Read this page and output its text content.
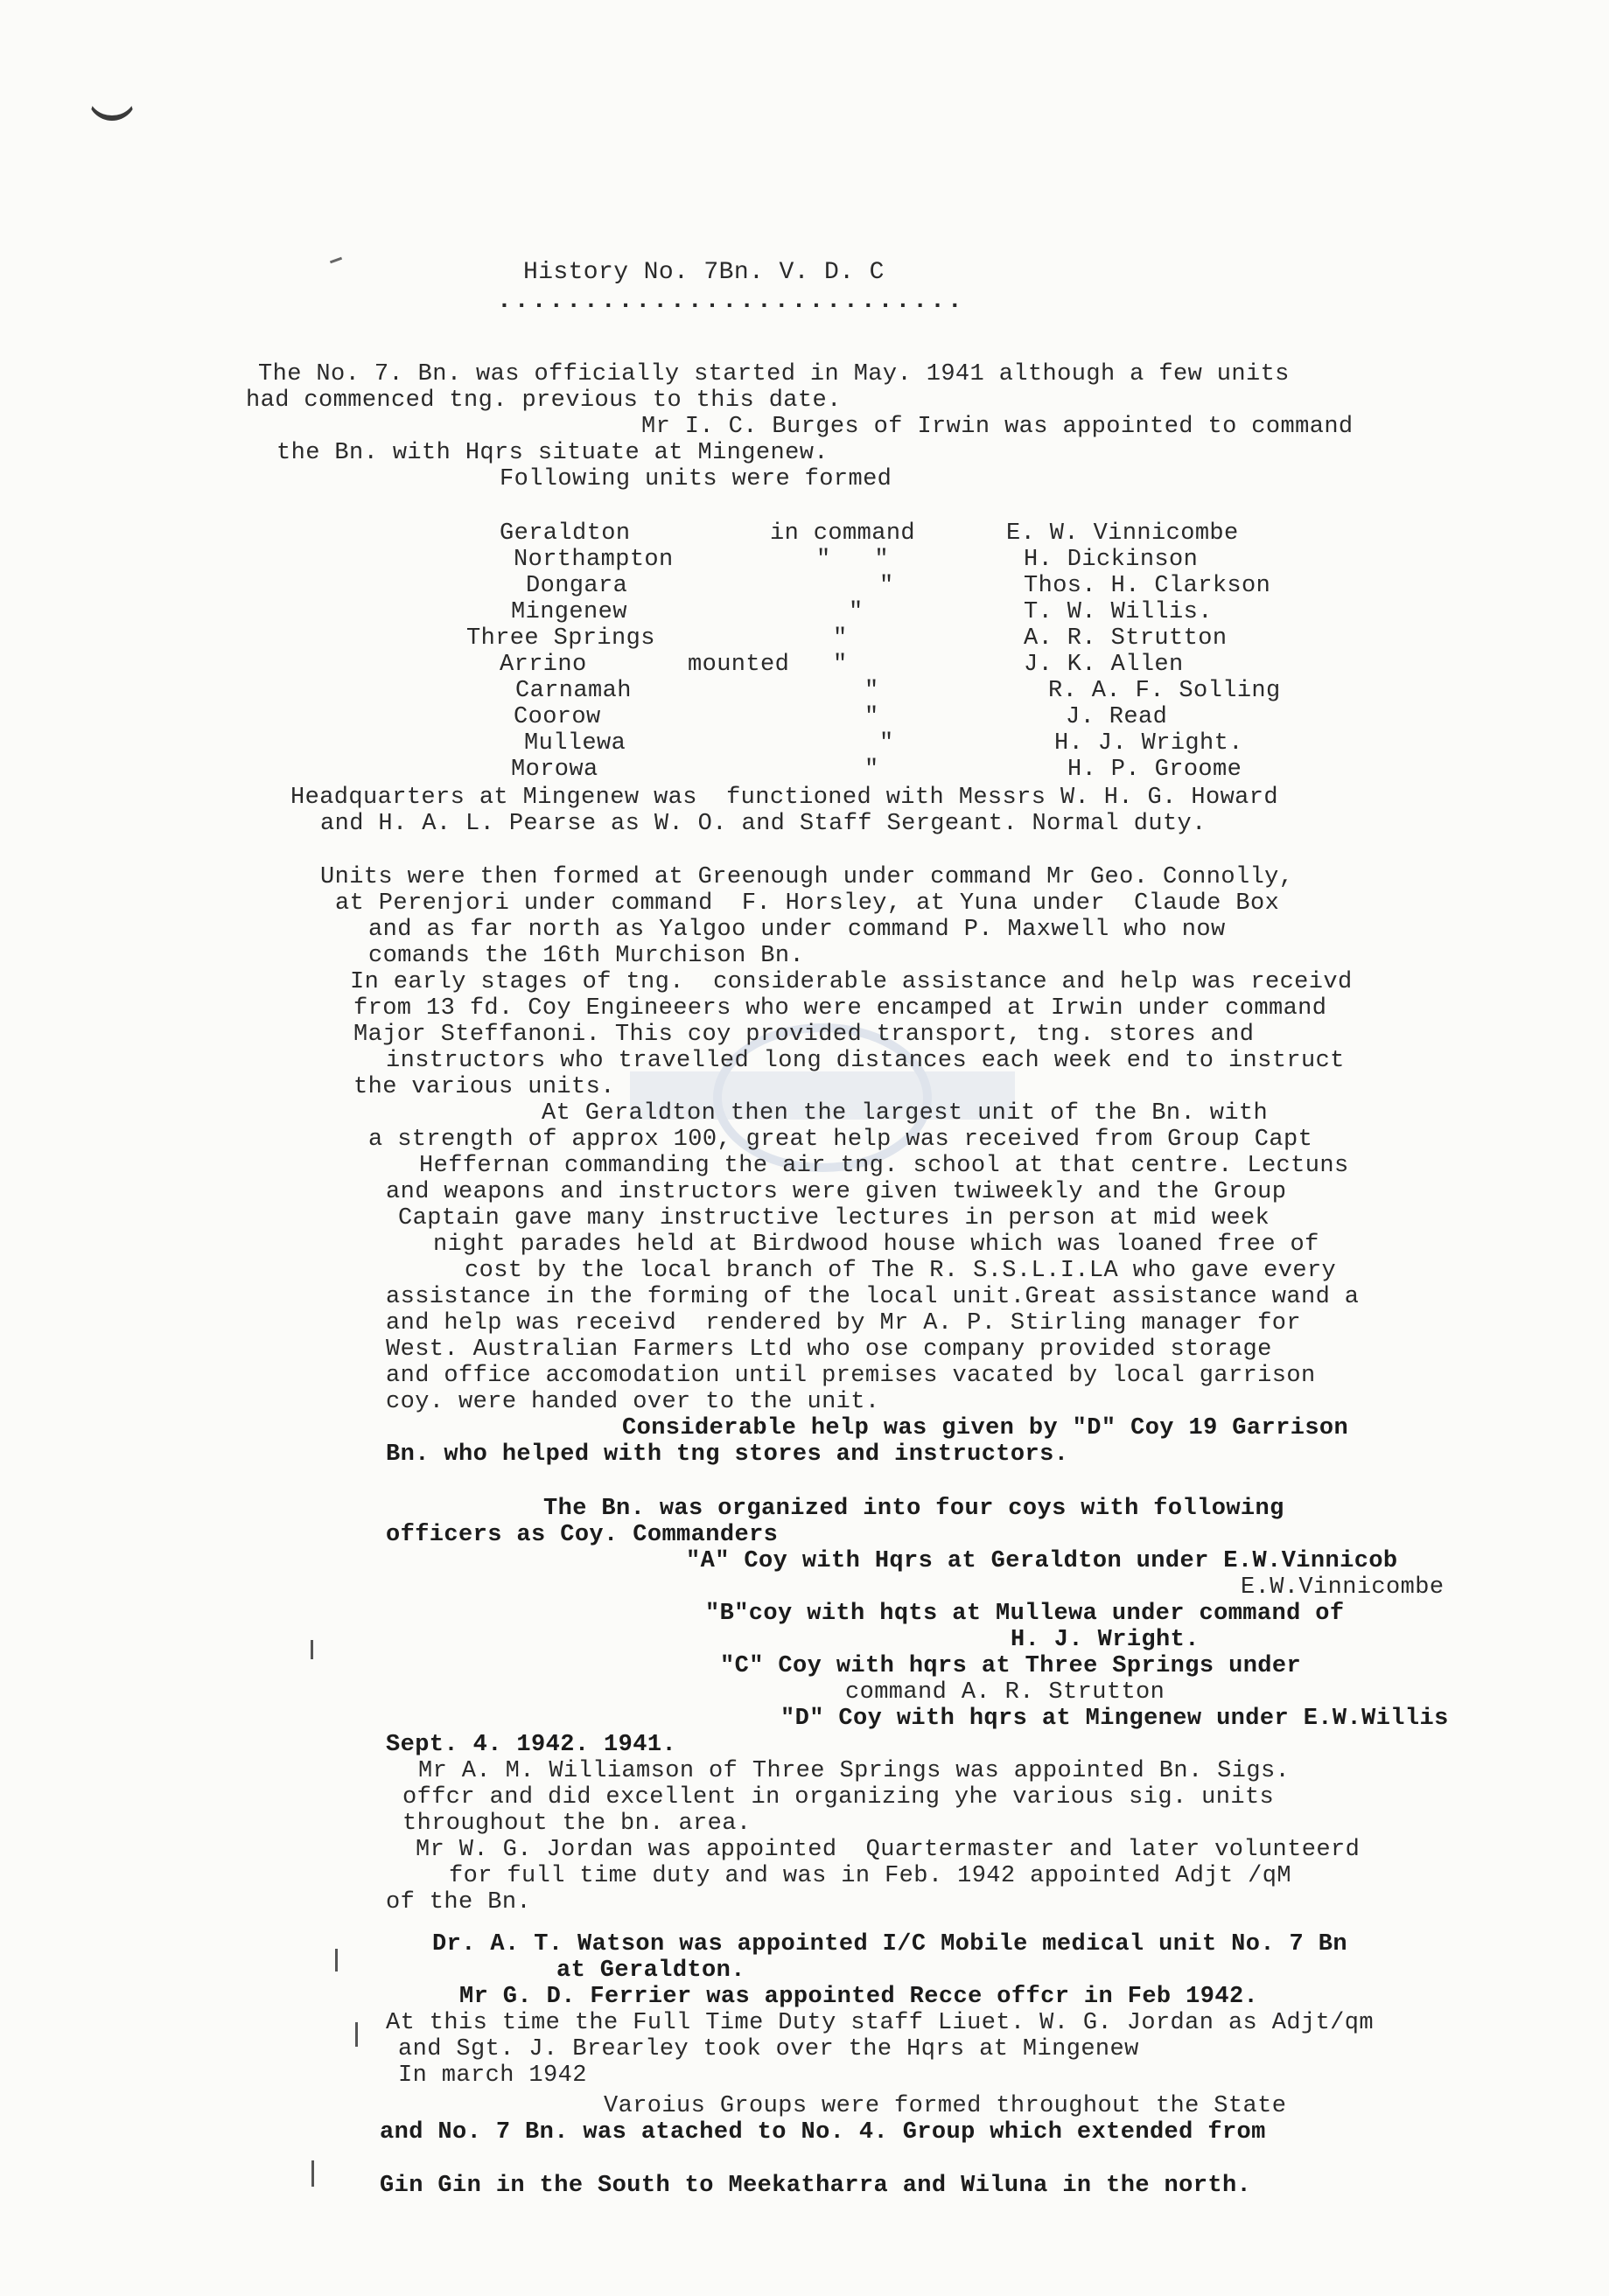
History No. 7Bn. V. D. C
...........................
The No. 7. Bn. was officially started in May. 1941 although a few units
had commenced tng. previous to this date.
Mr I. C. Burges of Irwin was appointed to command
the Bn. with Hqrs situate at Mingenew.
Following units were formed
Geraldton	in command	E. W. Vinnicombe
Northampton	"   "	H. Dickinson
Dongara	"	Thos. H. Clarkson
Mingenew	"	T. W. Willis.
Three Springs	"	A. R. Strutton
Arrino	mounted   "	J. K. Allen
Carnamah	"	R. A. F. Solling
Coorow	"	J. Read
Mullewa	"	H. J. Wright.
Morowa	"	H. P. Groome
Headquarters at Mingenew was  functioned with Messrs W. H. G. Howard
and H. A. L. Pearse as W. O. and Staff Sergeant. Normal duty.
Units were then formed at Greenough under command Mr Geo. Connolly,
at Perenjori under command  F. Horsley, at Yuna under  Claude Box
and as far north as Yalgoo under command P. Maxwell who now
comands the 16th Murchison Bn.
In early stages of tng.  considerable assistance and help was receivd
from 13 fd. Coy Engineeers who were encamped at Irwin under command
Major Steffanoni. This coy provided transport, tng. stores and
instructors who travelled long distances each week end to instruct
the various units.
At Geraldton then the largest unit of the Bn. with
a strength of approx 100, great help was received from Group Capt
Heffernan commanding the air tng. school at that centre. Lectuns
and weapons and instructors were given twiweekly and the Group
Captain gave many instructive lectures in person at mid week
night parades held at Birdwood house which was loaned free of
cost by the local branch of The R. S.S.L.I.LA who gave every
assistance in the forming of the local unit.Great assistance wand a
and help was receivd  rendered by Mr A. P. Stirling manager for
West. Australian Farmers Ltd who ose company provided storage
and office accomodation until premises vacated by local garrison
coy. were handed over to the unit.
Considerable help was given by "D" Coy 19 Garrison
Bn. who helped with tng stores and instructors.
The Bn. was organized into four coys with following
officers as Coy. Commanders
"A" Coy with Hqrs at Geraldton under E.W.Vinnicob
E.W.Vinnicombe
"B"coy with hqts at Mullewa under command of
H. J. Wright.
"C" Coy with hqrs at Three Springs under
command A. R. Strutton
"D" Coy with hqrs at Mingenew under E.W.Willis
Sept. 4. 1942. 1941.
Mr A. M. Williamson of Three Springs was appointed Bn. Sigs.
offcr and did excellent in organizing yhe various sig. units
throughout the bn. area.
Mr W. G. Jordan was appointed  Quartermaster and later volunteerd
for full time duty and was in Feb. 1942 appointed Adjt /qM
of the Bn.
Dr. A. T. Watson was appointed I/C Mobile medical unit No. 7 Bn
at Geraldton.
Mr G. D. Ferrier was appointed Recce offcr in Feb 1942.
At this time the Full Time Duty staff Liuet. W. G. Jordan as Adjt/qm
and Sgt. J. Brearley took over the Hqrs at Mingenew
In march 1942
Varoius Groups were formed throughout the State
and No. 7 Bn. was atached to No. 4. Group which extended from
Gin Gin in the South to Meekatharra and Wiluna in the north.
